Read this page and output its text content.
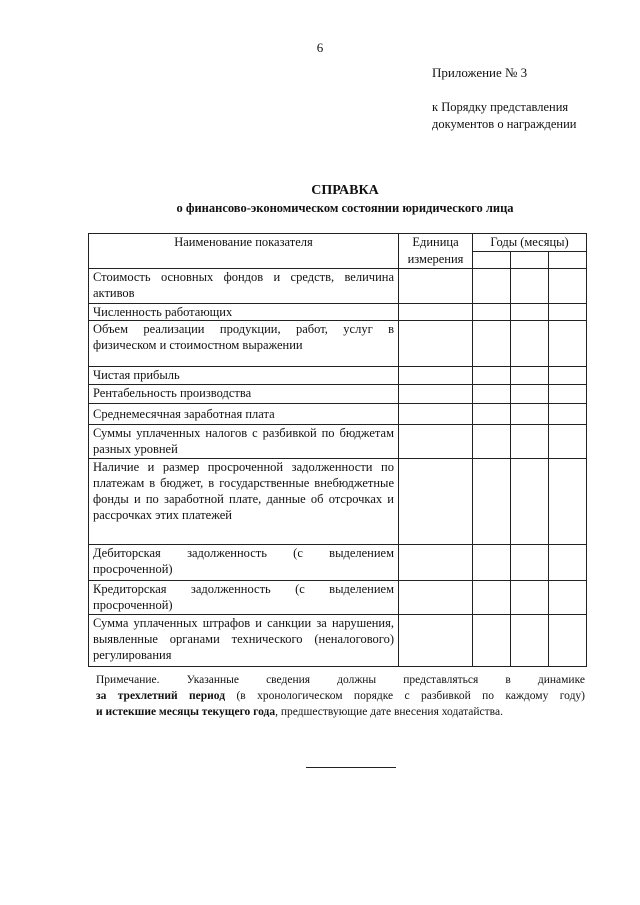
6
Приложение № 3
к Порядку представления
документов о награждении
СПРАВКА
о финансово-экономическом состоянии юридического лица
Наименование показателя	Единица измерения	Годы (месяцы)		

Стоимость основных фондов и средств, величина активов				
Численность работающих				
Объем реализации продукции, работ, услуг в физическом и стоимостном выражении				
Чистая прибыль				
Рентабельность производства				
Среднемесячная заработная плата				
Суммы уплаченных налогов с разбивкой по бюджетам разных уровней				
Наличие и размер просроченной задолженности по платежам в бюджет, в государственные внебюджетные фонды и по заработной плате, данные об отсрочках и рассрочках этих платежей				
Дебиторская задолженность (с выделением просроченной)				
Кредиторская задолженность (с выделением просроченной)				
Сумма уплаченных штрафов и санкции за нарушения, выявленные органами технического (неналогового) регулирования				
Примечание. Указанные сведения должны представляться в динамике
за трехлетний период (в хронологическом порядке с разбивкой по каждому году)
и истекшие месяцы текущего года, предшествующие дате внесения ходатайства.
